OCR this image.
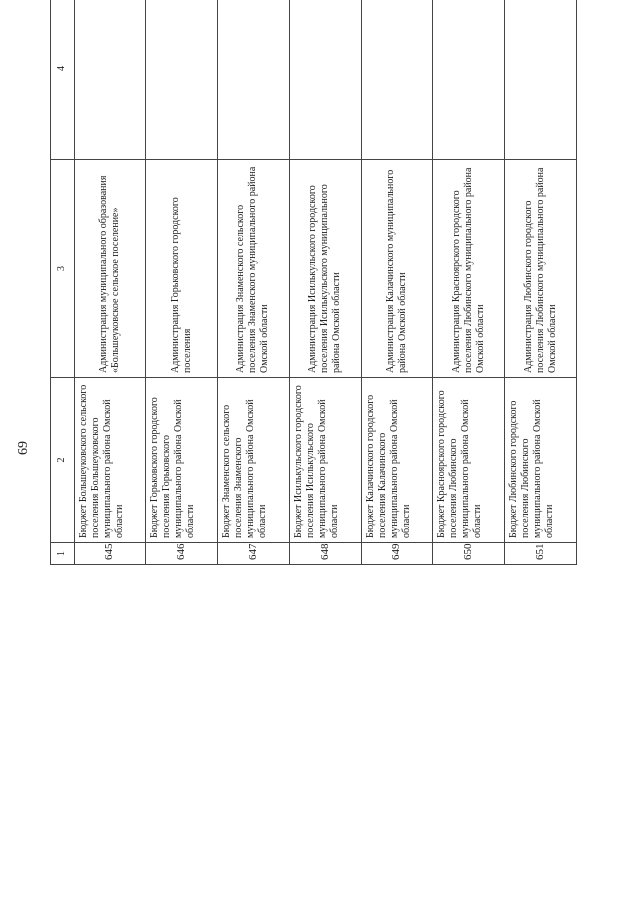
69
1	2	3	4	
645	Бюджет Большеуковского сельского поселения Большеуковского муниципального района Омской области	Администрация муниципального образования «Большеуковское сельское поселение»		
646	Бюджет Горьковского городского поселения Горьковского муниципального района Омской области	Администрация Горьковского городского поселения		
647	Бюджет Знаменского сельского поселения Знаменского муниципального района Омской области	Администрация Знаменского сельского поселения Знаменского муниципального района Омской области		
648	Бюджет Исилькульского городского поселения Исилькульского муниципального района Омской области	Администрация Исилькульского городского поселения Исилькульского муниципального района Омской области		
649	Бюджет Калачинского городского поселения Калачинского муниципального района Омской области	Администрация Калачинского муниципального района Омской области		
650	Бюджет Красноярского городского поселения Любинского муниципального района Омской области	Администрация Красноярского городского поселения Любинского муниципального района Омской области		
651	Бюджет Любинского городского поселения Любинского муниципального района Омской области	Администрация Любинского городского поселения Любинского муниципального района Омской области		
